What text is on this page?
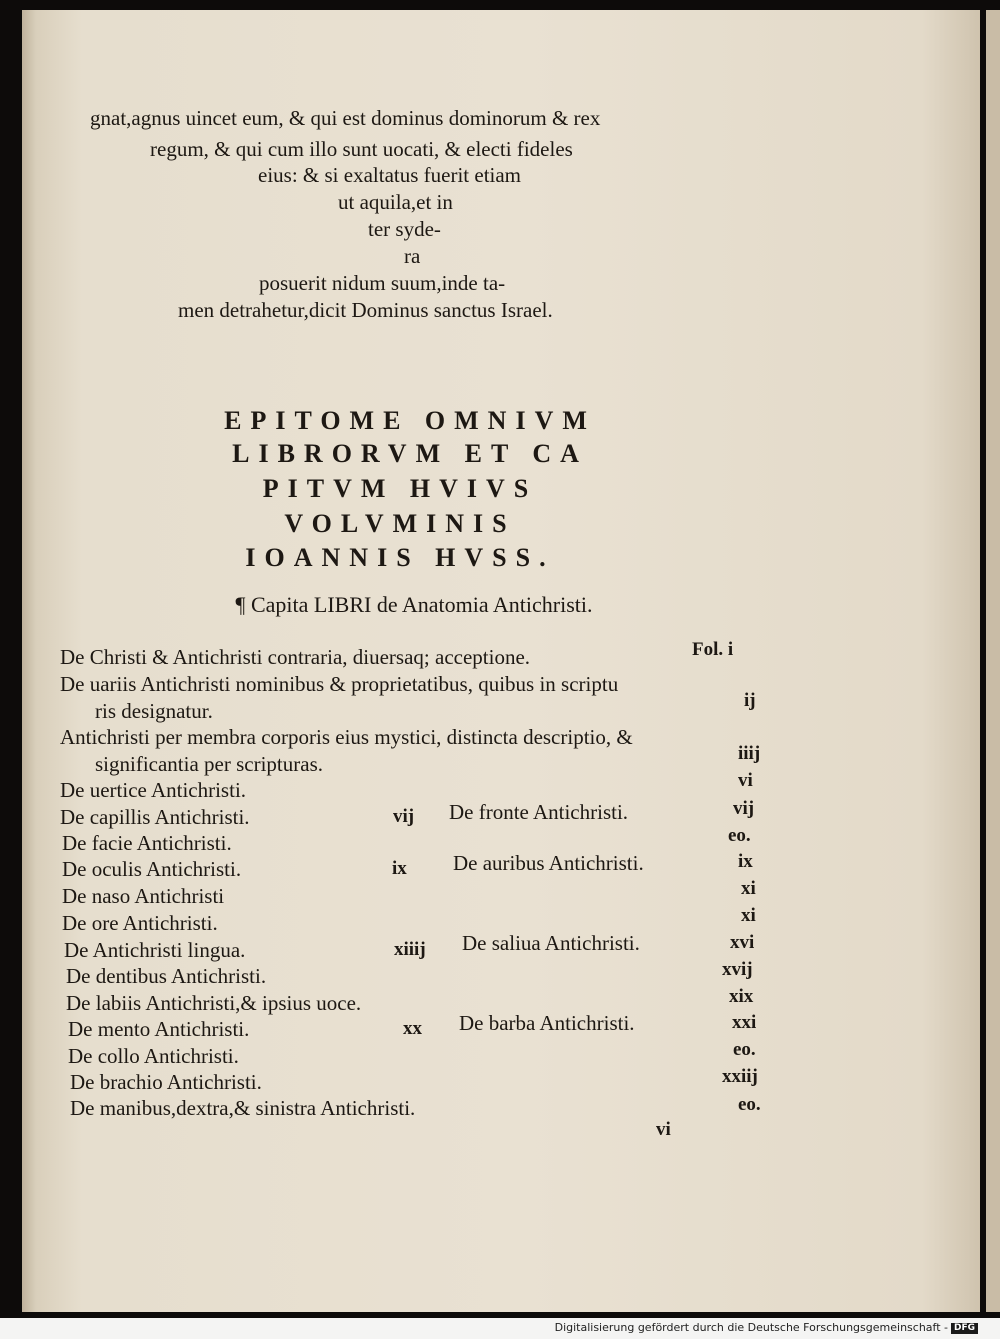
gnat,agnus uincet eum, & qui est dominus dominorum & rex
regum, & qui cum illo sunt uocati, & electi fideles
eius: & si exaltatus fuerit etiam
ut aquila,et in
ter syde-
ra
posuerit nidum suum,inde ta-
men detrahetur,dicit Dominus sanctus Israel.
EPITOME OMNIVM
LIBRORVM ET CA
PITVM HVIVS
VOLVMINIS
IOANNIS HVSS.
¶ Capita LIBRI de Anatomia Antichristi.
De Christi & Antichristi contraria, diuersaq; acceptione.	Fol. i
De uariis Antichristi nominibus & proprietatibus, quibus in scriptu
ris designatur.	ij
Antichristi per membra corporis eius mystici, distincta descriptio, &
significantia per scripturas.	iiij
De uertice Antichristi.	vi
De capillis Antichristi.	vij De fronte Antichristi.	vij
De facie Antichristi.	eo.
De oculis Antichristi.	ix De auribus Antichristi.	ix
De naso Antichristi	xi
De ore Antichristi.	xi
De Antichristi lingua.	xiiij De saliua Antichristi.	xvi
De dentibus Antichristi.	xvij
De labiis Antichristi,& ipsius uoce.	xix
De mento Antichristi.	xx De barba Antichristi.	xxi
De collo Antichristi.	eo.
De brachio Antichristi.	xxiij
De manibus,dextra,& sinistra Antichristi.	eo.
vi
Digitalisierung gefördert durch die Deutsche Forschungsgemeinschaft - DFG
